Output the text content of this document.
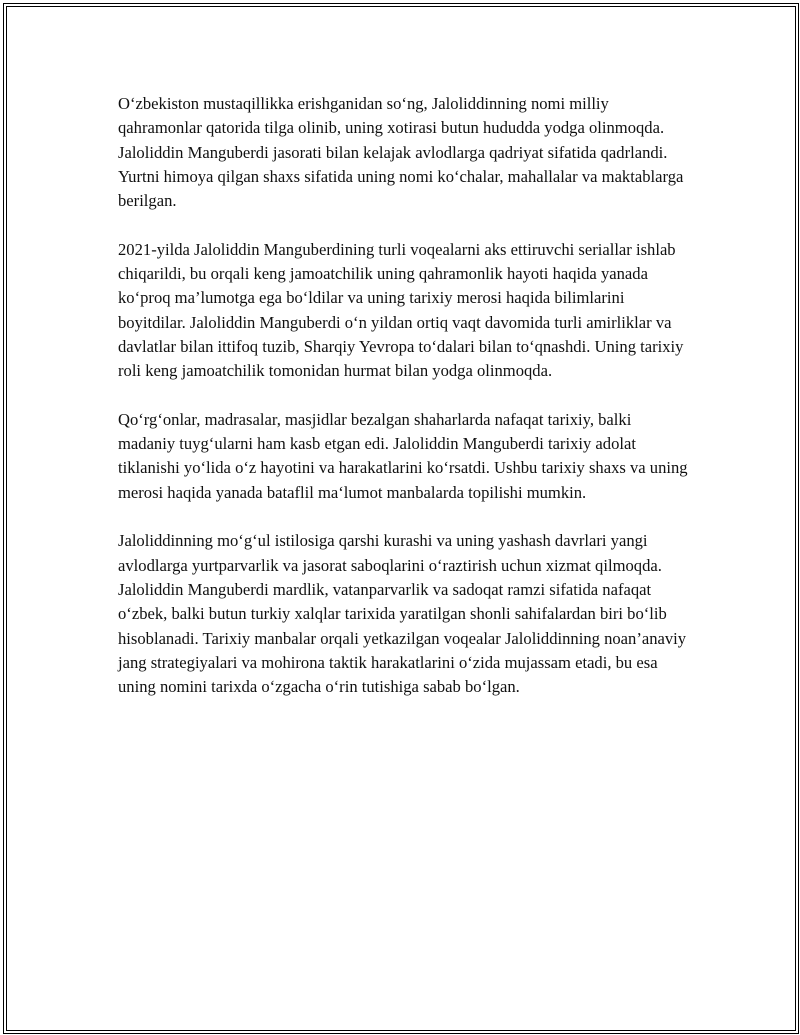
O‘zbekiston mustaqillikka erishganidan so‘ng, Jaloliddinning nomi milliy qahramonlar qatorida tilga olinib, uning xotirasi butun hududda yodga olinmoqda. Jaloliddin Manguberdi jasorati bilan kelajak avlodlarga qadriyat sifatida qadrlandi. Yurtni himoya qilgan shaxs sifatida uning nomi ko‘chalar, mahallalar va maktablarga berilgan.

2021-yilda Jaloliddin Manguberdining turli voqealarni aks ettiruvchi seriallar ishlab chiqarildi, bu orqali keng jamoatchilik uning qahramonlik hayoti haqida yanada ko‘proq ma’lumotga ega bo‘ldilar va uning tarixiy merosi haqida bilimlarini boyitdilar. Jaloliddin Manguberdi o‘n yildan ortiq vaqt davomida turli amirliklar va davlatlar bilan ittifoq tuzib, Sharqiy Yevropa to‘dalari bilan to‘qnashdi. Uning tarixiy roli keng jamoatchilik tomonidan hurmat bilan yodga olinmoqda.

Qo‘rg‘onlar, madrasalar, masjidlar bezalgan shaharlarda nafaqat tarixiy, balki madaniy tuyg‘ularni ham kasb etgan edi. Jaloliddin Manguberdi tarixiy adolat tiklanishi yo‘lida o‘z hayotini va harakatlarini ko‘rsatdi. Ushbu tarixiy shaxs va uning merosi haqida yanada bataflil ma‘lumot manbalarda topilishi mumkin.

Jaloliddinning mo‘g‘ul istilosiga qarshi kurashi va uning yashash davrlari yangi avlodlarga yurtparvarlik va jasorat saboqlarini o‘raztirish uchun xizmat qilmoqda. Jaloliddin Manguberdi mardlik, vatanparvarlik va sadoqat ramzi sifatida nafaqat o‘zbek, balki butun turkiy xalqlar tarixida yaratilgan shonli sahifalardan biri bo‘lib hisoblanadi. Tarixiy manbalar orqali yetkazilgan voqealar Jaloliddinning noan’anaviy jang strategiyalari va mohirona taktik harakatlarini o‘zida mujassam etadi, bu esa uning nomini tarixda o‘zgacha o‘rin tutishiga sabab bo‘lgan.
